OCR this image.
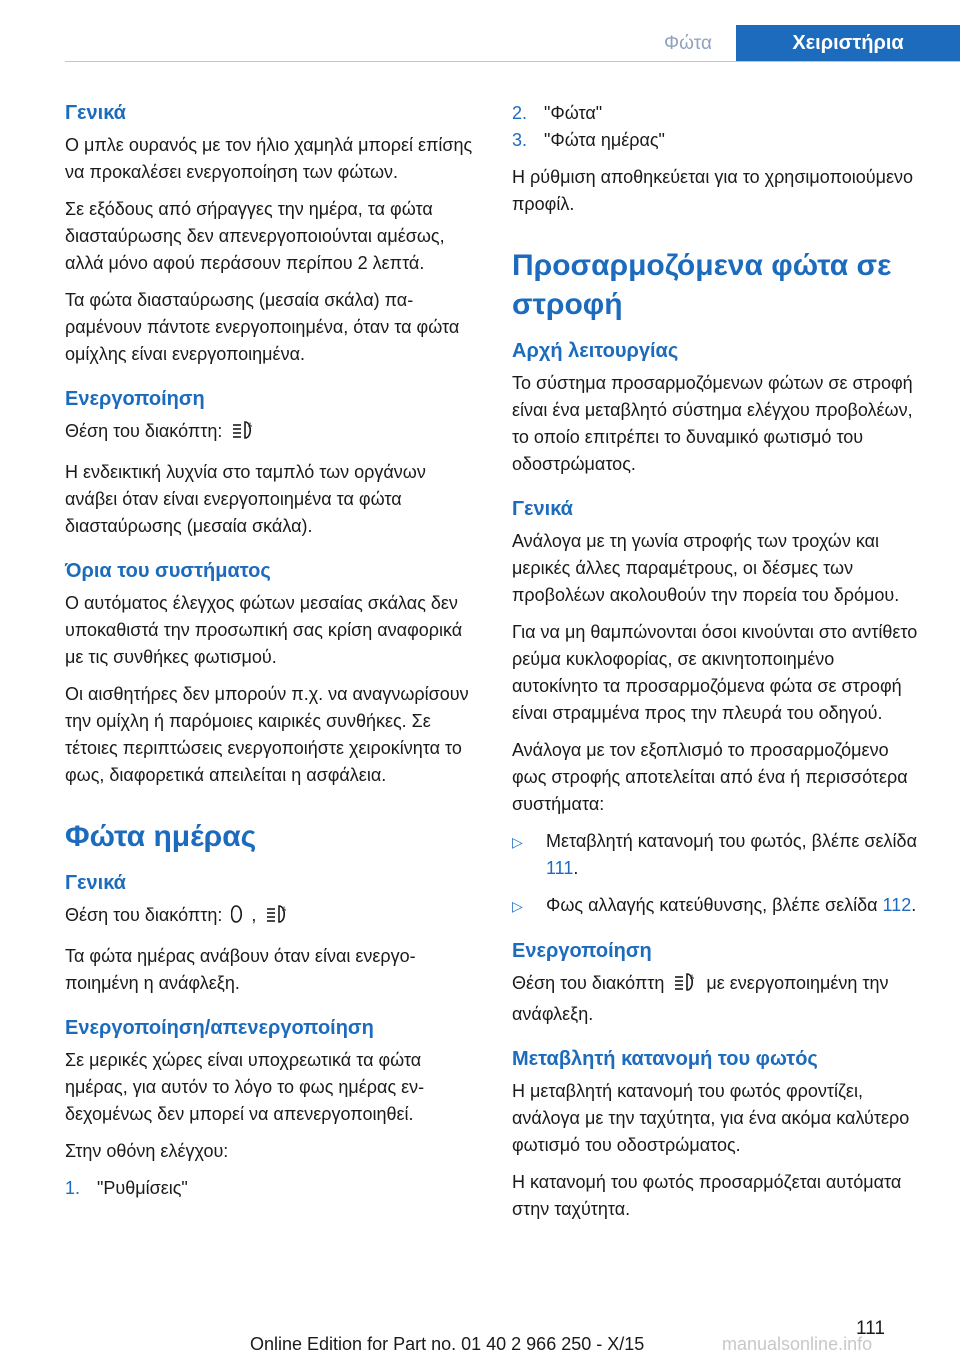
Φώτα	Χειριστήρια
Γενικά

Ο μπλε ουρανός με τον ήλιο χαμηλά μπορεί επίσης να προκαλέσει ενεργοποίηση των φώτων.

Σε εξόδους από σήραγγες την ημέρα, τα φώτα διασταύρωσης δεν απενεργοποιούνται αμέσως, αλλά μόνο αφού περάσουν περίπου 2 λεπτά.

Τα φώτα διασταύρωσης (μεσαία σκάλα) παραμένουν πάντοτε ενεργοποιημένα, όταν τα φώτα ομίχλης είναι ενεργοποιημένα.

Ενεργοποίηση

Θέση του διακόπτη:	A

Η ενδεικτική λυχνία στο ταμπλό των οργάνων ανάβει όταν είναι ενεργοποιημένα τα φώτα διασταύρωσης (μεσαία σκάλα).

Όρια του συστήματος

Ο αυτόματος έλεγχος φώτων μεσαίας σκάλας δεν υποκαθιστά την προσωπική σας κρίση αναφορικά με τις συνθήκες φωτισμού.

Οι αισθητήρες δεν μπορούν π.χ. να αναγνωρίσουν την ομίχλη ή παρόμοιες καιρικές συνθήκες. Σε τέτοιες περιπτώσεις ενεργοποιήστε χειροκίνητα το φως, διαφορετικά απειλείται η ασφάλεια.

Φώτα ημέρας
Γενικά

Θέση του διακόπτη: ,	A

Τα φώτα ημέρας ανάβουν όταν είναι ενεργοποιημένη η ανάφλεξη.

Ενεργοποίηση/απενεργοποίηση

Σε μερικές χώρες είναι υποχρεωτικά τα φώτα ημέρας, για αυτόν το λόγο το φως ημέρας ενδεχομένως δεν μπορεί να απενεργοποιηθεί.

Στην οθόνη ελέγχου:

1. "Ρυθμίσεις"
2. "Φώτα"
3. "Φώτα ημέρας"

Η ρύθμιση αποθηκεύεται για το χρησιμοποιούμενο προφίλ.

Προσαρμοζόμενα φώτα σε στροφή
Αρχή λειτουργίας

Το σύστημα προσαρμοζόμενων φώτων σε στροφή είναι ένα μεταβλητό σύστημα ελέγχου προβολέων, το οποίο επιτρέπει το δυναμικό φωτισμό του οδοστρώματος.

Γενικά

Ανάλογα με τη γωνία στροφής των τροχών και μερικές άλλες παραμέτρους, οι δέσμες των προβολέων ακολουθούν την πορεία του δρόμου.

Για να μη θαμπώνονται όσοι κινούνται στο αντίθετο ρεύμα κυκλοφορίας, σε ακινητοποιημένο αυτοκίνητο τα προσαρμοζόμενα φώτα σε στροφή είναι στραμμένα προς την πλευρά του οδηγού.

Ανάλογα με τον εξοπλισμό το προσαρμοζόμενο φως στροφής αποτελείται από ένα ή περισσότερα συστήματα:

▷	Μεταβλητή κατανομή του φωτός, βλέπε σελίδα 111.
▷	Φως αλλαγής κατεύθυνσης, βλέπε σελίδα 112.
Ενεργοποίηση

Θέση του διακόπτη	A με ενεργοποιημένη την ανάφλεξη.

Μεταβλητή κατανομή του φωτός

Η μεταβλητή κατανομή του φωτός φροντίζει, ανάλογα με την ταχύτητα, για ένα ακόμα καλύτερο φωτισμό του οδοστρώματος.

Η κατανομή του φωτός προσαρμόζεται αυτόματα στην ταχύτητα.

111
Online Edition for Part no. 01 40 2 966 250 - X/15	manualsonline.info
